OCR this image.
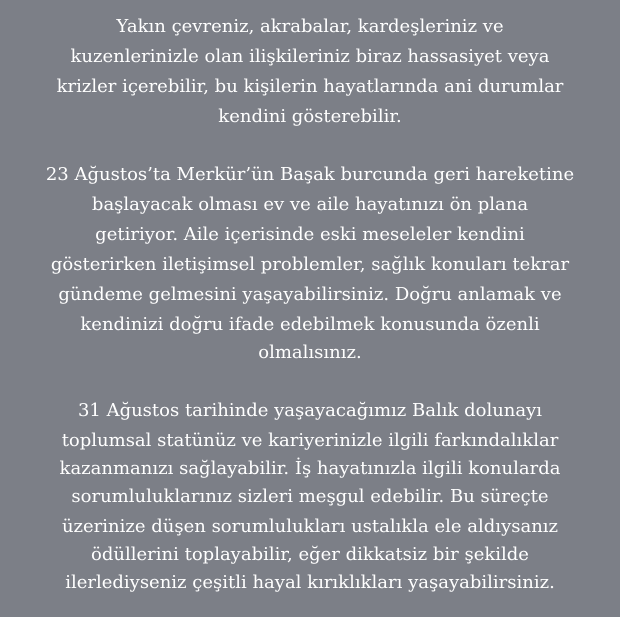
Yakın çevreniz, akrabalar, kardeşleriniz ve
kuzenlerinizle olan ilişkileriniz biraz hassasiyet veya
krizler içerebilir, bu kişilerin hayatlarında ani durumlar
kendini gösterebilir.
23 Ağustos’ta Merkür’ün Başak burcunda geri hareketine
başlayacak olması ev ve aile hayatınızı ön plana
getiriyor. Aile içerisinde eski meseleler kendini
gösterirken iletişimsel problemler, sağlık konuları tekrar
gündeme gelmesini yaşayabilirsiniz. Doğru anlamak ve
kendinizi doğru ifade edebilmek konusunda özenli
olmalısınız.
31 Ağustos tarihinde yaşayacağımız Balık dolunayı
toplumsal statünüz ve kariyerinizle ilgili farkındalıklar
kazanmanızı sağlayabilir. İş hayatınızla ilgili konularda
sorumluluklarınız sizleri meşgul edebilir. Bu süreçte
üzerinize düşen sorumlulukları ustalıkla ele aldıysanız
ödüllerini toplayabilir, eğer dikkatsiz bir şekilde
ilerlediyseniz çeşitli hayal kırıklıkları yaşayabilirsiniz.
